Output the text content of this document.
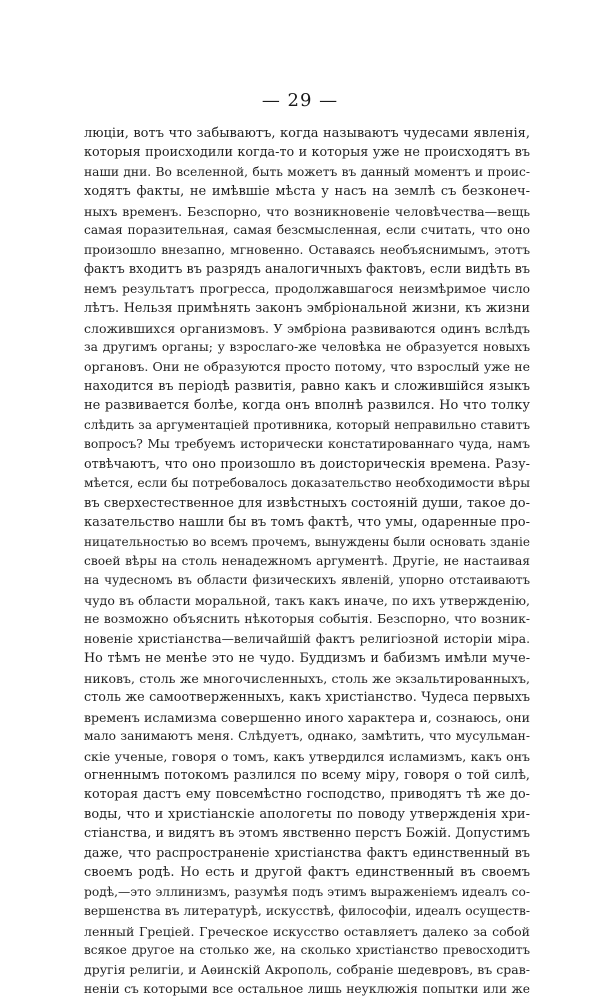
— 29 —
люцiи, вотъ что забываютъ, когда называютъ чудесами явленiя,
которыя происходили когда-то и которыя уже не происходятъ въ
наши дни. Во вселенной, быть можетъ въ данный моментъ и проис-
ходятъ факты, не имѣвшiе мѣста у насъ на землѣ съ безконеч-
ныхъ временъ. Безспорно, что возникновенiе человѣчества—вещь
самая поразительная, самая безсмысленная, если считать, что оно
произошло внезапно, мгновенно. Оставаясь необъяснимымъ, этотъ
фактъ входитъ въ разрядъ аналогичныхъ фактовъ, если видѣть въ
немъ результатъ прогресса, продолжавшагося неизмѣримое число
лѣтъ. Нельзя примѣнять законъ эмбрiональной жизни, къ жизни
сложившихся организмовъ. У эмбрiона развиваются одинъ вслѣдъ
за другимъ органы; у взрослаго-же человѣка не образуется новыхъ
органовъ. Они не образуются просто потому, что взрослый уже не
находится въ перiодѣ развитiя, равно какъ и сложившiйся языкъ
не развивается болѣе, когда онъ вполнѣ развился. Но что толку
слѣдить за аргументацiей противника, который неправильно ставитъ
вопросъ? Мы требуемъ исторически констатированнаго чуда, намъ
отвѣчаютъ, что оно произошло въ доисторическiя времена. Разу-
мѣется, если бы потребовалось доказательство необходимости вѣры
въ сверхестественное для извѣстныхъ состоянiй души, такое до-
казательство нашли бы въ томъ фактѣ, что умы, одаренные про-
ницательностью во всемъ прочемъ, вынуждены были основать зданiе
своей вѣры на столь ненадежномъ аргументѣ. Другiе, не настаивая
на чудесномъ въ области физическихъ явленiй, упорно отстаиваютъ
чудо въ области моральной, такъ какъ иначе, по ихъ утвержденiю,
не возможно объяснить нѣкоторыя событiя. Безспорно, что возник-
новенiе христiанства—величайшiй фактъ религiозной исторiи мiра.
Но тѣмъ не менѣе это не чудо. Буддизмъ и бабизмъ имѣли муче-
никовъ, столь же многочисленныхъ, столь же экзальтированныхъ,
столь же самоотверженныхъ, какъ христiанство. Чудеса первыхъ
временъ исламизма совершенно иного характера и, сознаюсь, они
мало занимаютъ меня. Слѣдуетъ, однако, замѣтить, что мусульман-
скiе ученые, говоря о томъ, какъ утвердился исламизмъ, какъ онъ
огненнымъ потокомъ разлился по всему мiру, говоря о той силѣ,
которая дастъ ему повсемѣстно господство, приводятъ тѣ же до-
воды, что и христiанскiе апологеты по поводу утвержденiя хри-
стiанства, и видятъ въ этомъ явственно перстъ Божiй. Допустимъ
даже, что распространенiе христiанства фактъ единственный въ
своемъ родѣ. Но есть и другой фактъ единственный въ своемъ
родѣ,—это эллинизмъ, разумѣя подъ этимъ выраженiемъ идеалъ со-
вершенства въ литературѣ, искусствѣ, философiи, идеалъ осуществ-
ленный Грецiей. Греческое искусство оставляетъ далеко за собой
всякое другое на столько же, на сколько христiанство превосходитъ
другiя религiи, и Аѳинскiй Акрополь, собранiе шедевровъ, въ срав-
ненiи съ которыми все остальное лишь неуклюжiя попытки или же
